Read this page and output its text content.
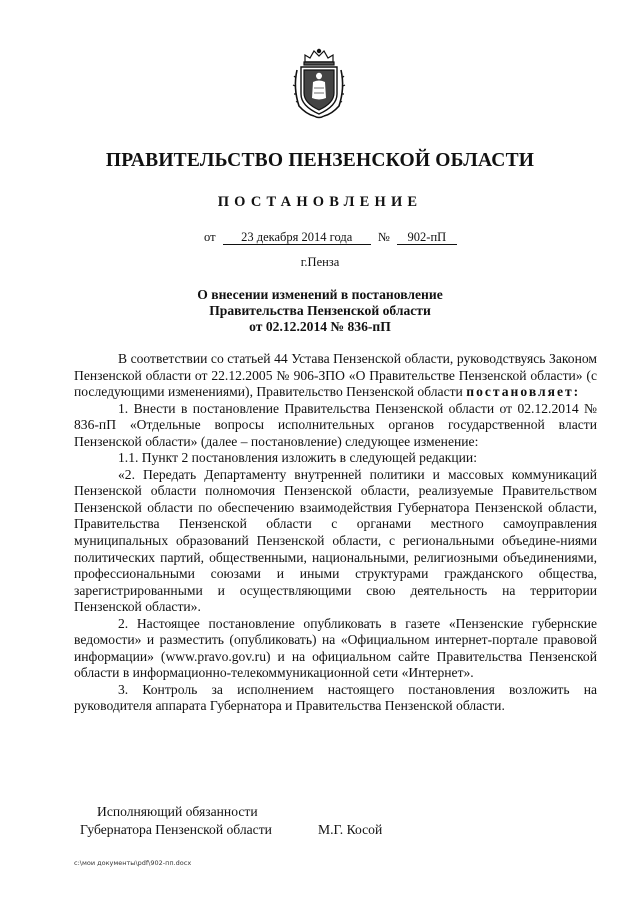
ПРАВИТЕЛЬСТВО ПЕНЗЕНСКОЙ ОБЛАСТИ
ПОСТАНОВЛЕНИЕ
от 23 декабря 2014 года № 902-пП
г.Пенза
О внесении изменений в постановление
Правительства Пензенской области
от 02.12.2014 № 836-пП

В соответствии со статьей 44 Устава Пензенской области, руководствуясь Законом Пензенской области от 22.12.2005 № 906-ЗПО «О Правительстве Пензенской области» (с последующими изменениями), Правительство Пензенской области постановляет:

1. Внести в постановление Правительства Пензенской области от 02.12.2014 № 836-пП «Отдельные вопросы исполнительных органов государственной власти Пензенской области» (далее – постановление) следующее изменение:

1.1. Пункт 2 постановления изложить в следующей редакции:

«2. Передать Департаменту внутренней политики и массовых коммуникаций Пензенской области полномочия Пензенской области, реализуемые Правительством Пензенской области по обеспечению взаимодействия Губернатора Пензенской области, Правительства Пензенской области с органами местного самоуправления муниципальных образований Пензенской области, с региональными объедине-ниями политических партий, общественными, национальными, религиозными объединениями, профессиональными союзами и иными структурами гражданского общества, зарегистрированными и осуществляющими свою деятельность на территории Пензенской области».

2. Настоящее постановление опубликовать в газете «Пензенские губернские ведомости» и разместить (опубликовать) на «Официальном интернет-портале правовой информации» (www.pravo.gov.ru) и на официальном сайте Правительства Пензенской области в информационно-телекоммуникационной сети «Интернет».

3. Контроль за исполнением настоящего постановления возложить на руководителя аппарата Губернатора и Правительства Пензенской области.

Исполняющий обязанности
Губернатора Пензенской области	М.Г. Косой
c:\мои документы\pdf\902-пп.docx
